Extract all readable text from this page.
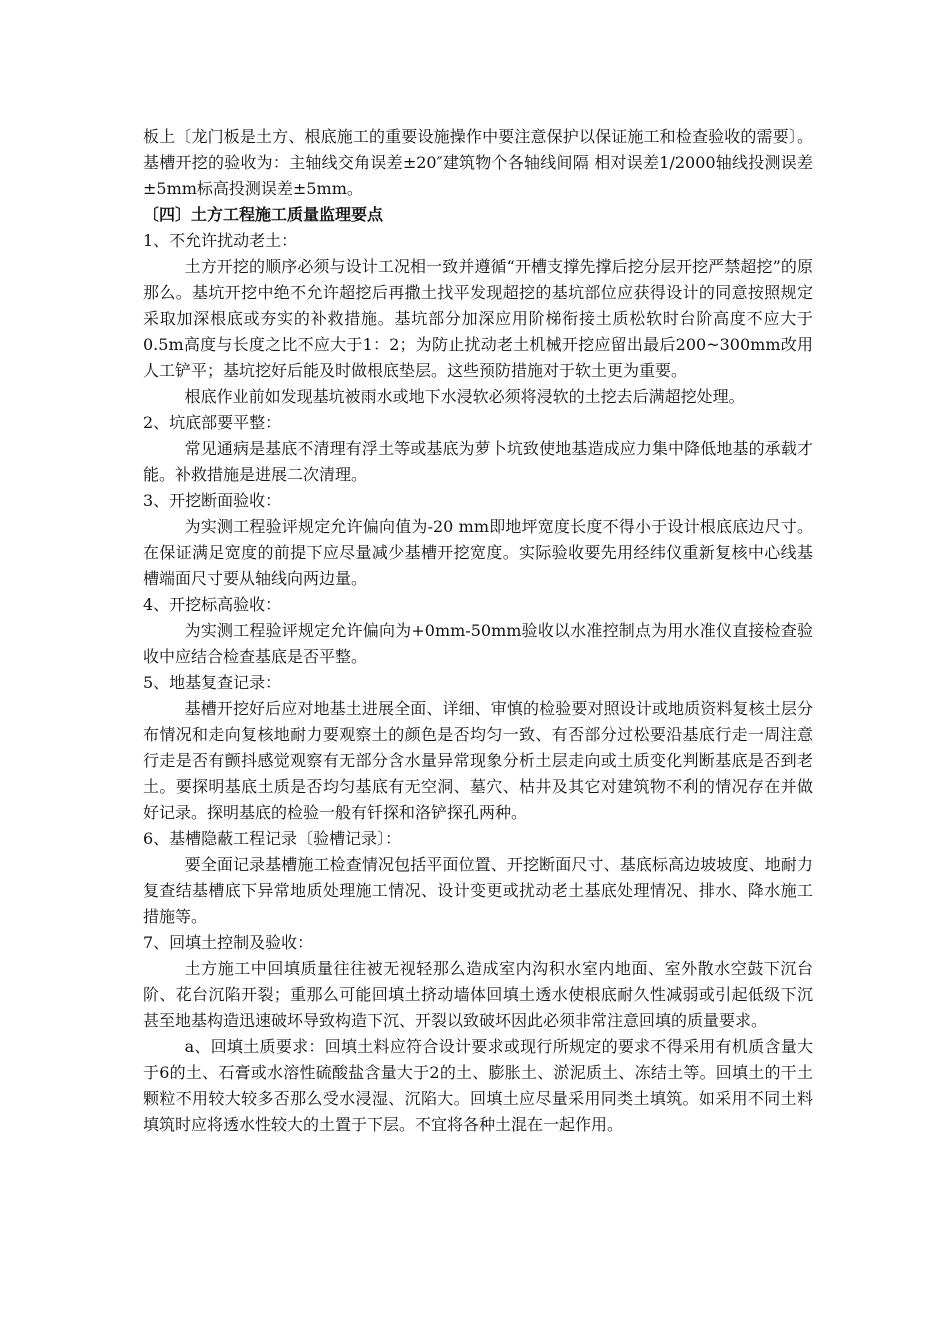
板上〔龙门板是土方、根底施工的重要设施操作中要注意保护以保证施工和检查验收的需要〕。基槽开挖的验收为：主轴线交角误差±20″建筑物个各轴线间隔 相对误差1/2000轴线投测误差±5mm标高投测误差±5mm。

〔四〕土方工程施工质量监理要点

1、不允许扰动老土：

土方开挖的顺序必须与设计工况相一致并遵循“开槽支撑先撑后挖分层开挖严禁超挖”的原那么。基坑开挖中绝不允许超挖后再撒土找平发现超挖的基坑部位应获得设计的同意按照规定采取加深根底或夯实的补救措施。基坑部分加深应用阶梯衔接土质松软时台阶高度不应大于0.5m高度与长度之比不应大于1：2；为防止扰动老土机械开挖应留出最后200~300mm改用人工铲平；基坑挖好后能及时做根底垫层。这些预防措施对于软土更为重要。

根底作业前如发现基坑被雨水或地下水浸软必须将浸软的土挖去后满超挖处理。

2、坑底部要平整：

常见通病是基底不清理有浮土等或基底为萝卜坑致使地基造成应力集中降低地基的承载才能。补救措施是进展二次清理。

3、开挖断面验收：

为实测工程验评规定允许偏向值为-20 mm即地坪宽度长度不得小于设计根底底边尺寸。在保证满足宽度的前提下应尽量减少基槽开挖宽度。实际验收要先用经纬仪重新复核中心线基槽端面尺寸要从轴线向两边量。

4、开挖标高验收：

为实测工程验评规定允许偏向为+0mm-50mm验收以水准控制点为用水准仪直接检查验收中应结合检查基底是否平整。

5、地基复查记录：

基槽开挖好后应对地基土进展全面、详细、审慎的检验要对照设计或地质资料复核土层分布情况和走向复核地耐力要观察土的颜色是否均匀一致、有否部分过松要沿基底行走一周注意行走是否有颤抖感觉观察有无部分含水量异常现象分析土层走向或土质变化判断基底是否到老土。要探明基底土质是否均匀基底有无空洞、墓穴、枯井及其它对建筑物不利的情况存在并做好记录。探明基底的检验一般有钎探和洛铲探孔两种。

6、基槽隐蔽工程记录〔验槽记录〕：

要全面记录基槽施工检查情况包括平面位置、开挖断面尺寸、基底标高边坡坡度、地耐力复查结基槽底下异常地质处理施工情况、设计变更或扰动老土基底处理情况、排水、降水施工措施等。

7、回填土控制及验收：

土方施工中回填质量往往被无视轻那么造成室内沟积水室内地面、室外散水空鼓下沉台阶、花台沉陷开裂；重那么可能回填土挤动墙体回填土透水使根底耐久性减弱或引起低级下沉甚至地基构造迅速破坏导致构造下沉、开裂以致破坏因此必须非常注意回填的质量要求。

a、回填土质要求：回填土料应符合设计要求或现行所规定的要求不得采用有机质含量大于6的土、石膏或水溶性硫酸盐含量大于2的土、膨胀土、淤泥质土、冻结土等。回填土的干土颗粒不用较大较多否那么受水浸湿、沉陷大。回填土应尽量采用同类土填筑。如采用不同土料填筑时应将透水性较大的土置于下层。不宜将各种土混在一起作用。
